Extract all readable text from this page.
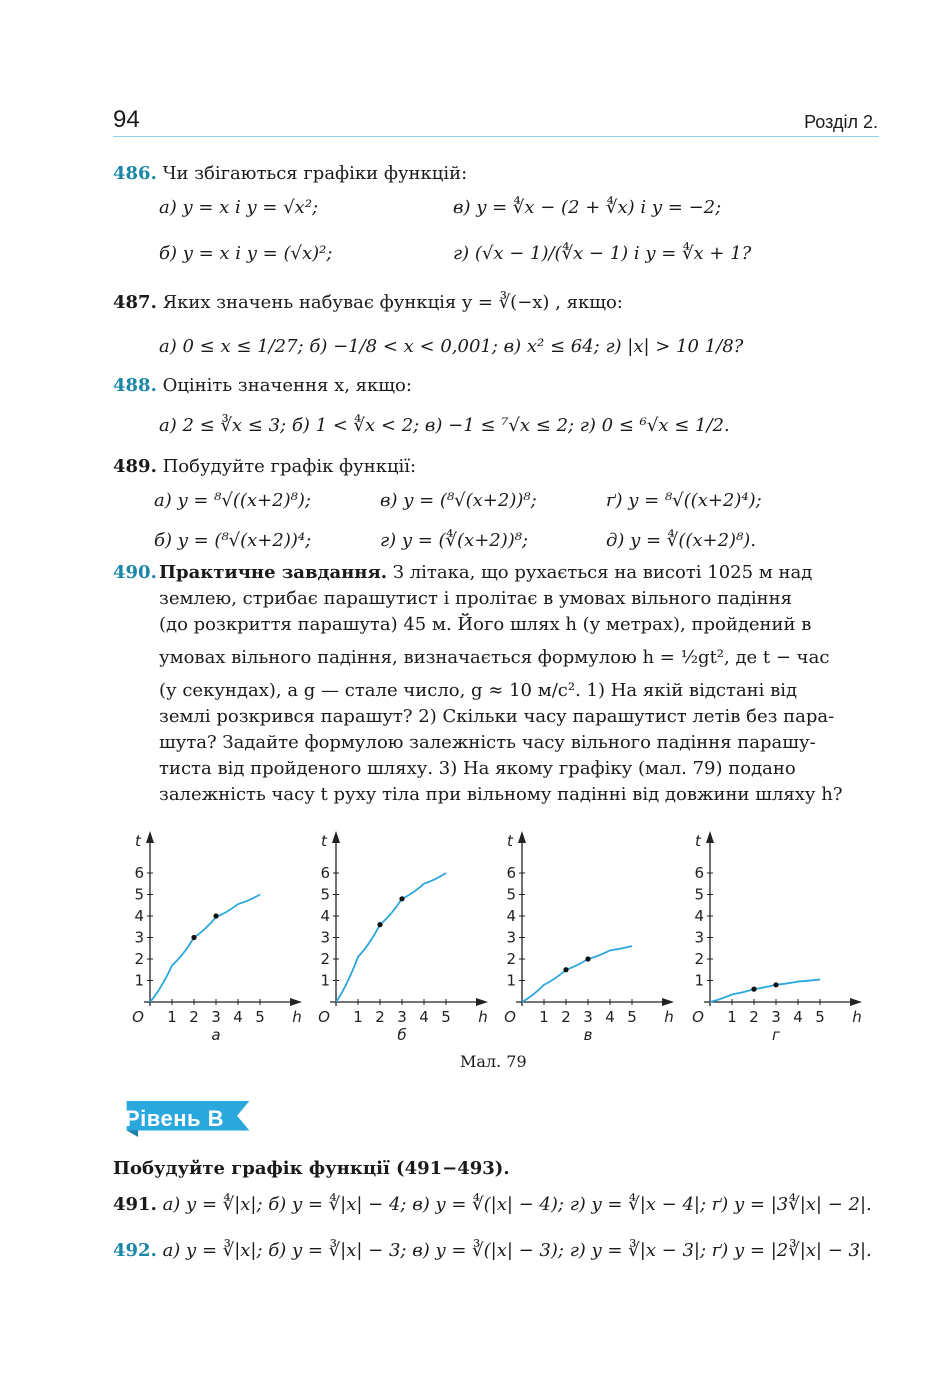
94	Розділ 2.
486. Чи збігаються графіки функцій:
а) y = x і y = √x²;	в) y = ∜x − (2 + ∜x) і y = −2;
б) y = x і y = (√x)²;	г) (√x − 1)/(∜x − 1) і y = ∜x + 1?
487. Яких значень набуває функція y = ∛(−x) , якщо:
а) 0 ≤ x ≤ 1/27; б) −1/8 < x < 0,001; в) x² ≤ 64; г) |x| > 10 1/8?
488. Оцініть значення x, якщо:
а) 2 ≤ ∛x ≤ 3; б) 1 < ∜x < 2; в) −1 ≤ ⁷√x ≤ 2; г) 0 ≤ ⁶√x ≤ 1/2.
489. Побудуйте графік функції:
а) y = ⁸√((x+2)⁸);	в) y = (⁸√(x+2))⁸;	ґ) y = ⁸√((x+2)⁴);
б) y = (⁸√(x+2))⁴;	г) y = (∜(x+2))⁸;	д) y = ∜((x+2)⁸).
490. Практичне завдання. З літака, що рухається на висоті 1025 м над
землею, стрибає парашутист і пролітає в умовах вільного падіння
(до розкриття парашута) 45 м. Його шлях h (у метрах), пройдений в
умовах вільного падіння, визначається формулою h = ½gt², де t − час
(у секундах), а g — стале число, g ≈ 10 м/с². 1) На якій відстані від
землі розкрився парашут? 2) Скільки часу парашутист летів без пара-
шута? Задайте формулою залежність часу вільного падіння парашу-
тиста від пройденого шляху. 3) На якому графіку (мал. 79) подано
залежність часу t руху тіла при вільному падінні від довжини шляху h?
1 2 3 4 5
1
2
3
4
5
6
O	h
t
а
1 2 3 4 5
1
2
3
4
5
6
O	h
t
б
1 2 3 4 5
1
2
3
4
5
6
O	h
t
в
1 2 3 4 5
1
2
3
4
5
6
O	h
t
г
Мал. 79
Рівень В
Побудуйте графік функції (491−493).
491. а) y = ∜|x|; б) y = ∜|x| − 4; в) y = ∜(|x| − 4); г) y = ∜|x − 4|; ґ) y = |3∜|x| − 2|.
492. а) y = ∛|x|; б) y = ∛|x| − 3; в) y = ∛(|x| − 3); г) y = ∛|x − 3|; ґ) y = |2∛|x| − 3|.
